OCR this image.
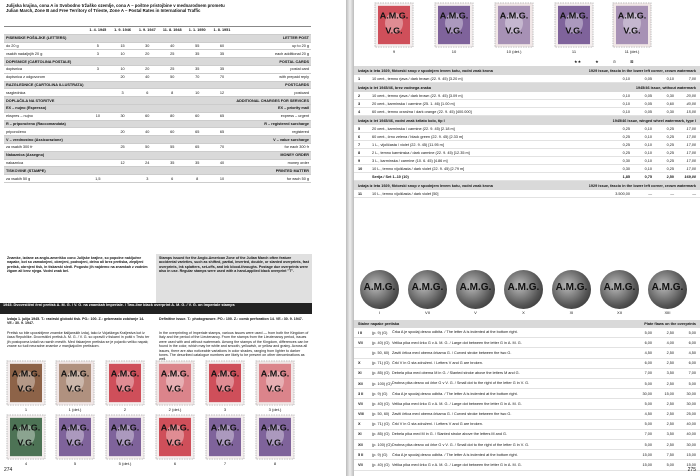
Julijska krajina, cona A in Svobodno tržaško ozemlje, cona A – poštne pristojbine v mednarodnem prometu
Julian March, Zone B and Free Territory of Trieste, Zone A – Postal Rates in International Traffic
	1. 4. 1945	1. 9. 1946	1. 9. 1947	11. 8. 1948	1. 1. 1950	1. 8. 1951	
PISEMSKE POŠILJKE (LETTERS)							LETTER POST
do 20 g	5	15	30	40	55	60	up to 20 g
vsakih nadaljnjih 20 g	3	10	20	25	35	35	each additional 20 g
DOPISNICE (CARTOLINA POSTALE)							POSTAL CARDS
dopisnica	3	10	20	25	35	35	postal card
dopisnica z odgovorom		20	40	50	70	70	with prepaid reply
RAZGLEDNICE (CARTOLINA ILLUSTRATA)							POSTCARDS
razglednica		3	6	8	10	12	postcard
DOPLAČILA NA STORITVE							ADDITIONAL CHARGES FOR SERVICES
EX – nujno (Espresso)							EX – priority mail
ekspres – nujno	10	30	60	80	60	65	express – urgent
R – priporočeno (Raccomandata)							R – registered surcharge
priporočeno		20	40	60	65	65	registered
V – vrednostno (Assicurazione)							V – value surcharge
za vsakih 300 fr		25	50	55	65	70	for each 300 fr
Nakaznica (Assegno)							MONEY ORDER
nakaznica		12	24	35	35	40	money order
TISKOVINE (STAMPE)							PRINTED MATTER
za vsakih 50 g	1,5		3	6	8	10	for each 50 g
Znamke, izdane za anglo-ameriško cono Julijske krajine, so popolne naključne napake, kot so zamaknjeni, obrnjeni, podvojeni, delno ali brez pretiska, zlepljeni pretisk, obrnjeni tisk, in tiskarski sledi. Pogosto jih najdemo na znamkah z vodnim žigom ali brez njega. Vodni znak bel.
Stamps issued for the Anglo-American Zone of the Julian March often feature accidental varieties, such as shifted, partial, inverted, double, or slanted overprints, fast overprints, ink splatters, set-offs, and ink blood-throughs. Postage due overprints were also in use. Regular stamps were used with a hand-applied black overprint "T".
1945. Dvovrstični črni pretisk A. M. G. / V. G. na znamkah Imperiale. / Two-line black overprint A. M. G. / V. G. on Imperiale stamps
Izdaja 1. julija 1945. T.: rastrski globoki tisk. PO.: 100. Z.: gebenasto zobčanje 14. VE.: 30. 9. 1947.
Definitive issue. T.: photogravure. PO.: 100. Z.: comb perforation 14. VE.: 30. 9. 1947.
Pretisk so bile uporabljene znamke italijanskih izdaj, tako iz Vojaškega Kraljestva kot iz časa Republike. Dvovrstični pretisk A. M. G. / V. G. so opravili v tiskarni in pošti v Trstu ter jih postopoma izdali na raznih mestih. Med tiskanjem pretiska se je pojavilo veliko napak; znane so tudi neuradne znamke z manjkajočim pretiskom.
In the overprinting of Imperiale stamps, various issues were used — from both the Kingdom of Italy and the period of the Lieutenancy. From the stamps from the Lieutenancy period, issues were used with and without watermark. Among the stamps of the Kingdom, differences can be found in the color, which may be white and smooth, yellowish, or yellow and grainy. Across all issues, there are also noticeable variations in color shades, ranging from lighter to darker tones. The described catalogue numbers are likely to be present on other denominations as well.
A.M.G.
V.G.
1
A.M.G.
V.G.
4
A.M.G.
V.G.
1 (det.)
A.M.G.
V.G.
5
A.M.G.
V.G.
2
A.M.G.
V.G.
5 (det.)
A.M.G.
V.G.
2 (det.)
A.M.G.
V.G.
6
A.M.G.
V.G.
3
A.M.G.
V.G.
7
A.M.G.
V.G.
3 (det.)
A.M.G.
V.G.
8
274
A.M.G.
V.G.
9
A.M.G.
V.G.
10
A.M.G.
V.G.
10 (det.)
A.M.G.
V.G.
11
A.M.G.
V.G.
11 (det.)
★★	★	⊙	⊠
Izdaja iz leta 1929, fiktorski snop v spodnjem levem kotu, vodni znak krona	1929 issue, fascio in the lower left corner, crown watermark
1	10 cent., temno rjava / dark brown (22. 9. 45) [3.20 m]	0,10	0,05	0,10	7,00
Izdaja iz let 1945/46, brez vodnega znaka	1945/46 issue, without watermark
2	10 cent., temno rjava / dark brown (22. 9. 45) [3.09 m]	0,10	0,05	0,30	20,00
3	20 cent., karminska / carmine (25. 1. 46) [1.00 m]	0,10	0,05	0,60	40,00
4	60 cent., temno oranžna / dark orange (22. 9. 45) [400.000]	0,10	0,05	0,30	15,00
Izdaja iz let 1945/46, vodni znak krilato kolo, tip I	1945/46 issue, winged wheel watermark, type I
5	20 cent., karminska / carmine (22. 9. 45) [2.18 m]	0,25	0,10	0,25	17,00
6	60 cent., črno zelena / black green (22. 9. 45) [2.33 m]	0,25	0,10	0,25	17,00
7	1 L., vijoličasta / violet (22. 9. 45) [11.95 m]	0,25	0,10	0,25	17,00
8	2 L., temno karminska / dark carmine (22. 9. 45) [12.35 m]	0,25	0,10	0,25	17,00
9	3 L., karminska / carmine (10. 6. 45) [4.86 m]	0,30	0,10	0,25	17,00
10	10 L., temno vijoličasta / dark violet (22. 9. 45) [2.79 m]	0,30	0,10	0,25	17,00
Serija / Set 1–10 (10)	1,85	0,75	2,50	169,00
Izdaja iz leta 1929, fiktorski snop v spodnjem levem kotu, vodni znak krona	1929 issue, fascio in the lower left corner, crown watermark
11	10 L., temno vijoličasta / dark violet [50]	3.500,00	—	—	—
A.M.G.
I
A.M.G.
VII
A.M.G.
V
A.M.G.
X
A.M.G.
XI
A.M.G.
XII
A.M.G.
XIII
Stalne napake pretiska	Plate flaws on the overprints
I II	(p. 9) (G)	Črka A je spodaj desno odbita. / The letter A is indented at the bottom right.	5,00	2,50	5,00
VII	(p. 40) (G) Velika pika med črko G v A. M. G. / Large dot between the letter G in A. M. G.	6,00	4,00	6,00
(p. 50, 60) Zaviti črtica med obema črkama G. / Curved stroke between the two G.	4,50	2,50	4,50
X	(p. 71) (G) Črki V in G sta združeni. / Letters V and G are broken.	6,00	2,50	6,00
XI	(p. 85) (G) Debela pika med obema M in G. / Slanted stroke above the letters M and G.	7,00	3,50	7,00
XII	(p. 100) (G) Drobna pika desno od črke G v V. G. / Small dot to the right of the letter G in V. G.	5,00	2,50	5,00
3 II	(p. 9) (G)	Črka A je spodaj desno odbita. / The letter A is indented at the bottom right.	30,00	15,00	30,00
VII	(p. 40) (G) Velika pika med črko G v A. M. G. / Large dot between the letter G in A. M. G.	5,00	2,50	30,00
VIII	(p. 50, 60) Zaviti črtica med obema črkama G. / Curved stroke between the two G.	4,50	2,50	25,00
X	(p. 71) (G) Črki V in G sta združeni. / Letters V and G are broken.	5,00	2,50	40,00
XI	(p. 85) (G) Debela pika med M in G. / Slanted stroke above the letters M and G.	7,00	3,50	40,00
XII	(p. 100) (G) Drobna pika desno od črke G v V. G. / Small dot to the right of the letter G in V. G.	5,00	2,50	30,00
5 II	(p. 9) (G)	Črka A je spodaj desno odbita. / The letter A is indented at the bottom right.	15,00	7,50	15,00
VII	(p. 40) (G) Velika pika med črko G v A. M. G. / Large dot between the letter G in A. M. G.	15,00	5,00	15,00
275
